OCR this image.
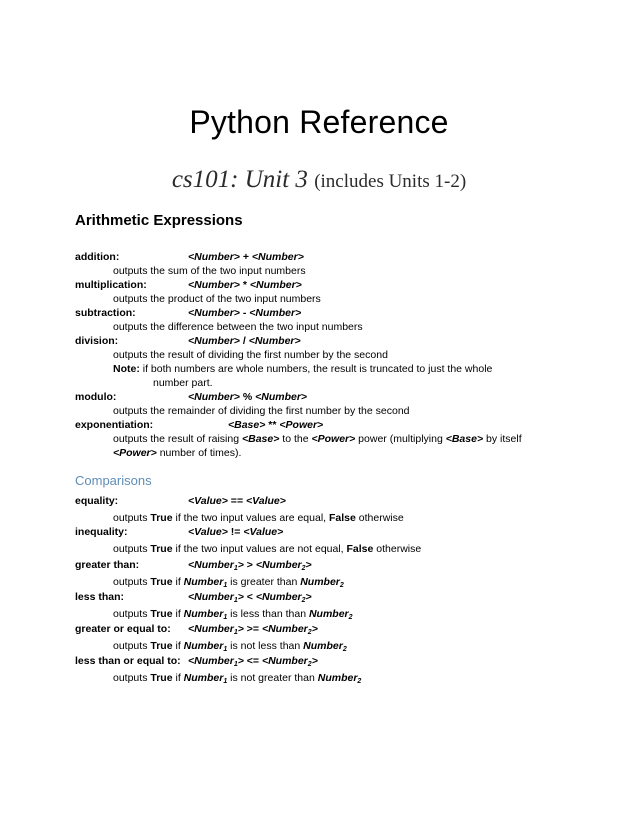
Python Reference
cs101: Unit 3 (includes Units 1-2)
Arithmetic Expressions
addition:	<Number> + <Number>
outputs the sum of the two input numbers
multiplication:	<Number> * <Number>
outputs the product of the two input numbers
subtraction:	<Number> - <Number>
outputs the difference between the two input numbers
division:	<Number> / <Number>
outputs the result of dividing the first number by the second
Note: if both numbers are whole numbers, the result is truncated to just the whole
number part.
modulo:	<Number> % <Number>
outputs the remainder of dividing the first number by the second
exponentiation:	<Base> ** <Power>
outputs the result of raising <Base> to the <Power> power (multiplying <Base> by itself
<Power> number of times).
Comparisons
equality:	<Value> == <Value>
outputs True if the two input values are equal, False otherwise
inequality:	<Value> != <Value>
outputs True if the two input values are not equal, False otherwise
greater than:	<Number$_1$> > <Number$_2$>
outputs True if Number$_1$ is greater than Number$_2$
less than:	<Number$_1$> < <Number$_2$>
outputs True if Number$_1$ is less than than Number$_2$
greater or equal to: <Number$_1$> >= <Number$_2$>
outputs True if Number$_1$ is not less than Number$_2$
less than or equal to: <Number$_1$> <= <Number$_2$>
outputs True if Number$_1$ is not greater than Number$_2$
